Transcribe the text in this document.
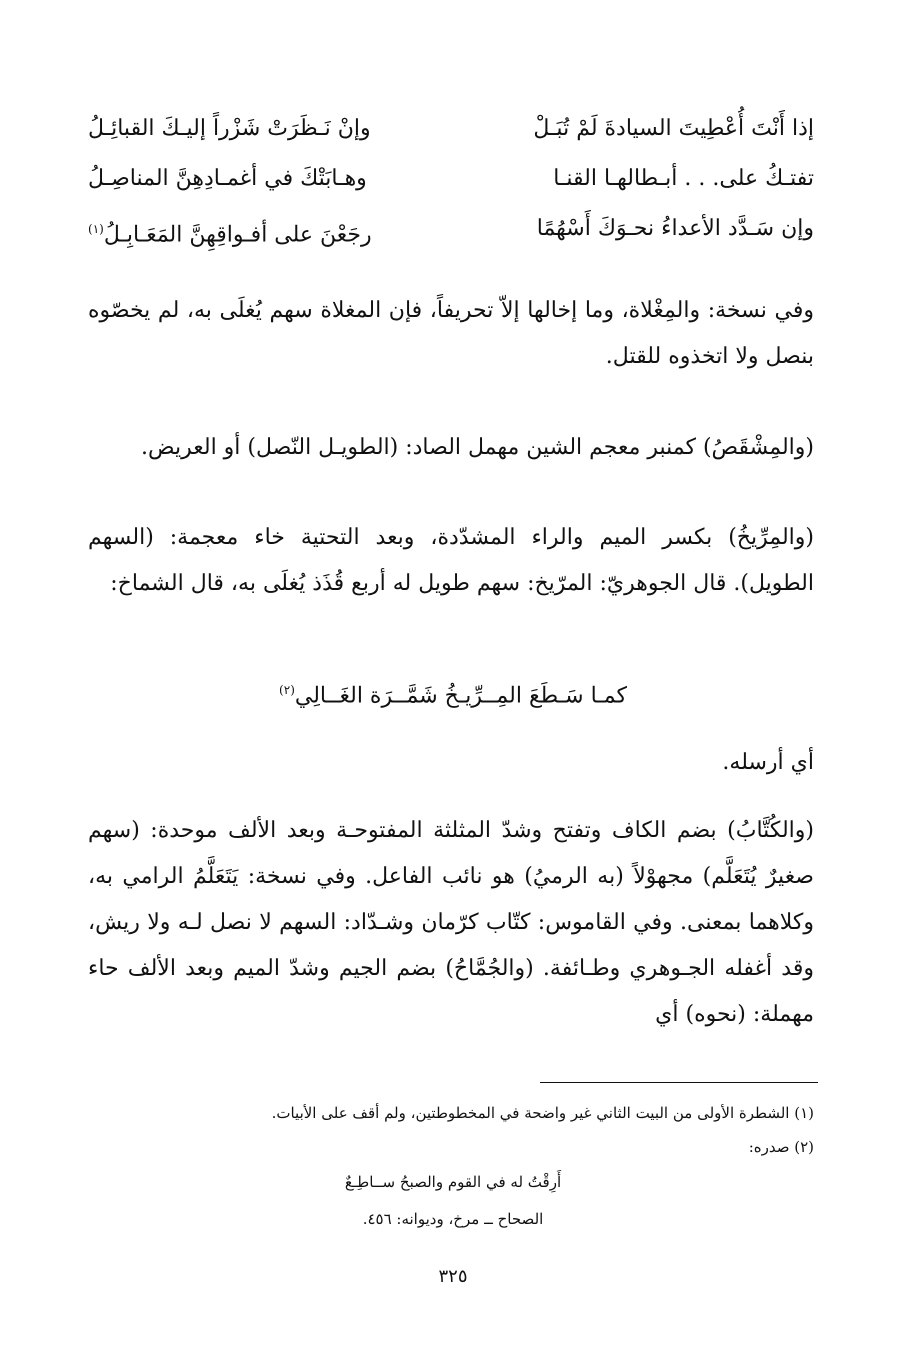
إذا أَنْتَ أُعْطِيتَ السيادةَ لَمْ تُبَـلْ
وإنْ نَـظَرَتْ شَزْراً إليـكَ القبائِـلُ
تفتـكُ على. . . أبـطالهـا القنـا
وهـابَتْكَ في أغمـادِهِنَّ المناصِـلُ
وإن سَـدَّد الأعداءُ نحـوَكَ أَسْهُمًا
رجَعْنَ على أفـواقِهِنَّ المَعَـابِـلُ$^{(١)}$
وفي نسخة: والمِغْلاة، وما إخالها إلاّ تحريفاً، فإن المغلاة سهم يُغلَى به، لم يخصّوه بنصل ولا اتخذوه للقتل.
(والمِشْقَصُ) كمنبر معجم الشين مهمل الصاد: (الطويـل النّصل) أو العريض.
(والمِرِّيخُ) بكسر الميم والراء المشدّدة، وبعد التحتية خاء معجمة: (السهم الطويل). قال الجوهريّ: المرّيخ: سهم طويل له أربع قُذَذ يُغلَى به، قال الشماخ:
كمـا سَـطَعَ المِــرِّيـخُ شَمَّــرَة الغَــالِي$^{(٢)}$
أي أرسله.
(والكُتَّابُ) بضم الكاف وتفتح وشدّ المثلثة المفتوحـة وبعد الألف موحدة: (سهم صغيرٌ يُتَعَلَّم) مجهوْلاً (به الرميُ) هو نائب الفاعل. وفي نسخة: يَتَعَلَّمُ الرامي به، وكلاهما بمعنى. وفي القاموس: كتّاب كرّمان وشـدّاد: السهم لا نصل لـه ولا ريش، وقد أغفله الجـوهري وطـائفة. (والجُمَّاحُ) بضم الجيم وشدّ الميم وبعد الألف حاء مهملة: (نحوه) أي
(١) الشطرة الأولى من البيت الثاني غير واضحة في المخطوطتين، ولم أقف على الأبيات.
(٢) صدره:
أَرِقْتُ له في القوم والصبحُ ســاطِـعٌ
الصحاح ــ مرخ، وديوانه: ٤٥٦.
٣٢٥
